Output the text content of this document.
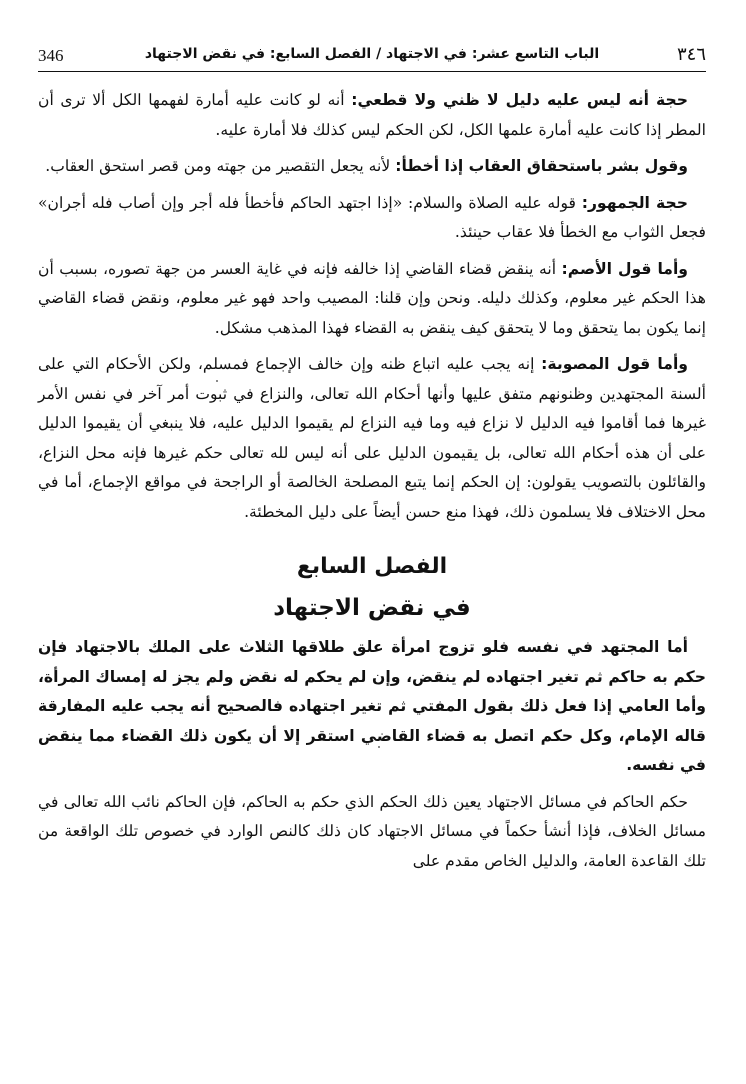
346	الباب التاسع عشر: في الاجتهاد / الفصل السابع: في نقض الاجتهاد	٣٤٦

حجة أنه ليس عليه دليل لا ظني ولا قطعي: أنه لو كانت عليه أمارة لفهمها الكل ألا ترى أن المطر إذا كانت عليه أمارة علمها الكل، لكن الحكم ليس كذلك فلا أمارة عليه.

وقول بشر باستحقاق العقاب إذا أخطأ: لأنه يجعل التقصير من جهته ومن قصر استحق العقاب.

حجة الجمهور: قوله عليه الصلاة والسلام: «إذا اجتهد الحاكم فأخطأ فله أجر وإن أصاب فله أجران» فجعل الثواب مع الخطأ فلا عقاب حينئذ.

وأما قول الأصم: أنه ينقض قضاء القاضي إذا خالفه فإنه في غاية العسر من جهة تصوره، بسبب أن هذا الحكم غير معلوم، وكذلك دليله. ونحن وإن قلنا: المصيب واحد فهو غير معلوم، ونقض قضاء القاضي إنما يكون بما يتحقق وما لا يتحقق كيف ينقض به القضاء فهذا المذهب مشكل.

وأما قول المصوبة: إنه يجب عليه اتباع ظنه وإن خالف الإجماع فمسلم، ولكن الأحكام التي على ألسنة المجتهدين وظنونهم متفق عليها وأنها أحكام الله تعالى، والنزاع في ثبوت أمر آخر في نفس الأمر غيرها فما أقاموا فيه الدليل لا نزاع فيه وما فيه النزاع لم يقيموا الدليل عليه، فلا ينبغي أن يقيموا الدليل على أن هذه أحكام الله تعالى، بل يقيمون الدليل على أنه ليس لله تعالى حكم غيرها فإنه محل النزاع، والقائلون بالتصويب يقولون: إن الحكم إنما يتبع المصلحة الخالصة أو الراجحة في مواقع الإجماع، أما في محل الاختلاف فلا يسلمون ذلك، فهذا منع حسن أيضاً على دليل المخطئة.

الفصل السابع
في نقض الاجتهاد

أما المجتهد في نفسه فلو تزوج امرأة علق طلاقها الثلاث على الملك بالاجتهاد فإن حكم به حاكم ثم تغير اجتهاده لم ينقض، وإن لم يحكم له نقض ولم يجز له إمساك المرأة، وأما العامي إذا فعل ذلك بقول المفتي ثم تغير اجتهاده فالصحيح أنه يجب عليه المفارقة قاله الإمام، وكل حكم اتصل به قضاء القاضي استقر إلا أن يكون ذلك القضاء مما ينقض في نفسه.

حكم الحاكم في مسائل الاجتهاد يعين ذلك الحكم الذي حكم به الحاكم، فإن الحاكم نائب الله تعالى في مسائل الخلاف، فإذا أنشأ حكماً في مسائل الاجتهاد كان ذلك كالنص الوارد في خصوص تلك الواقعة من تلك القاعدة العامة، والدليل الخاص مقدم على
